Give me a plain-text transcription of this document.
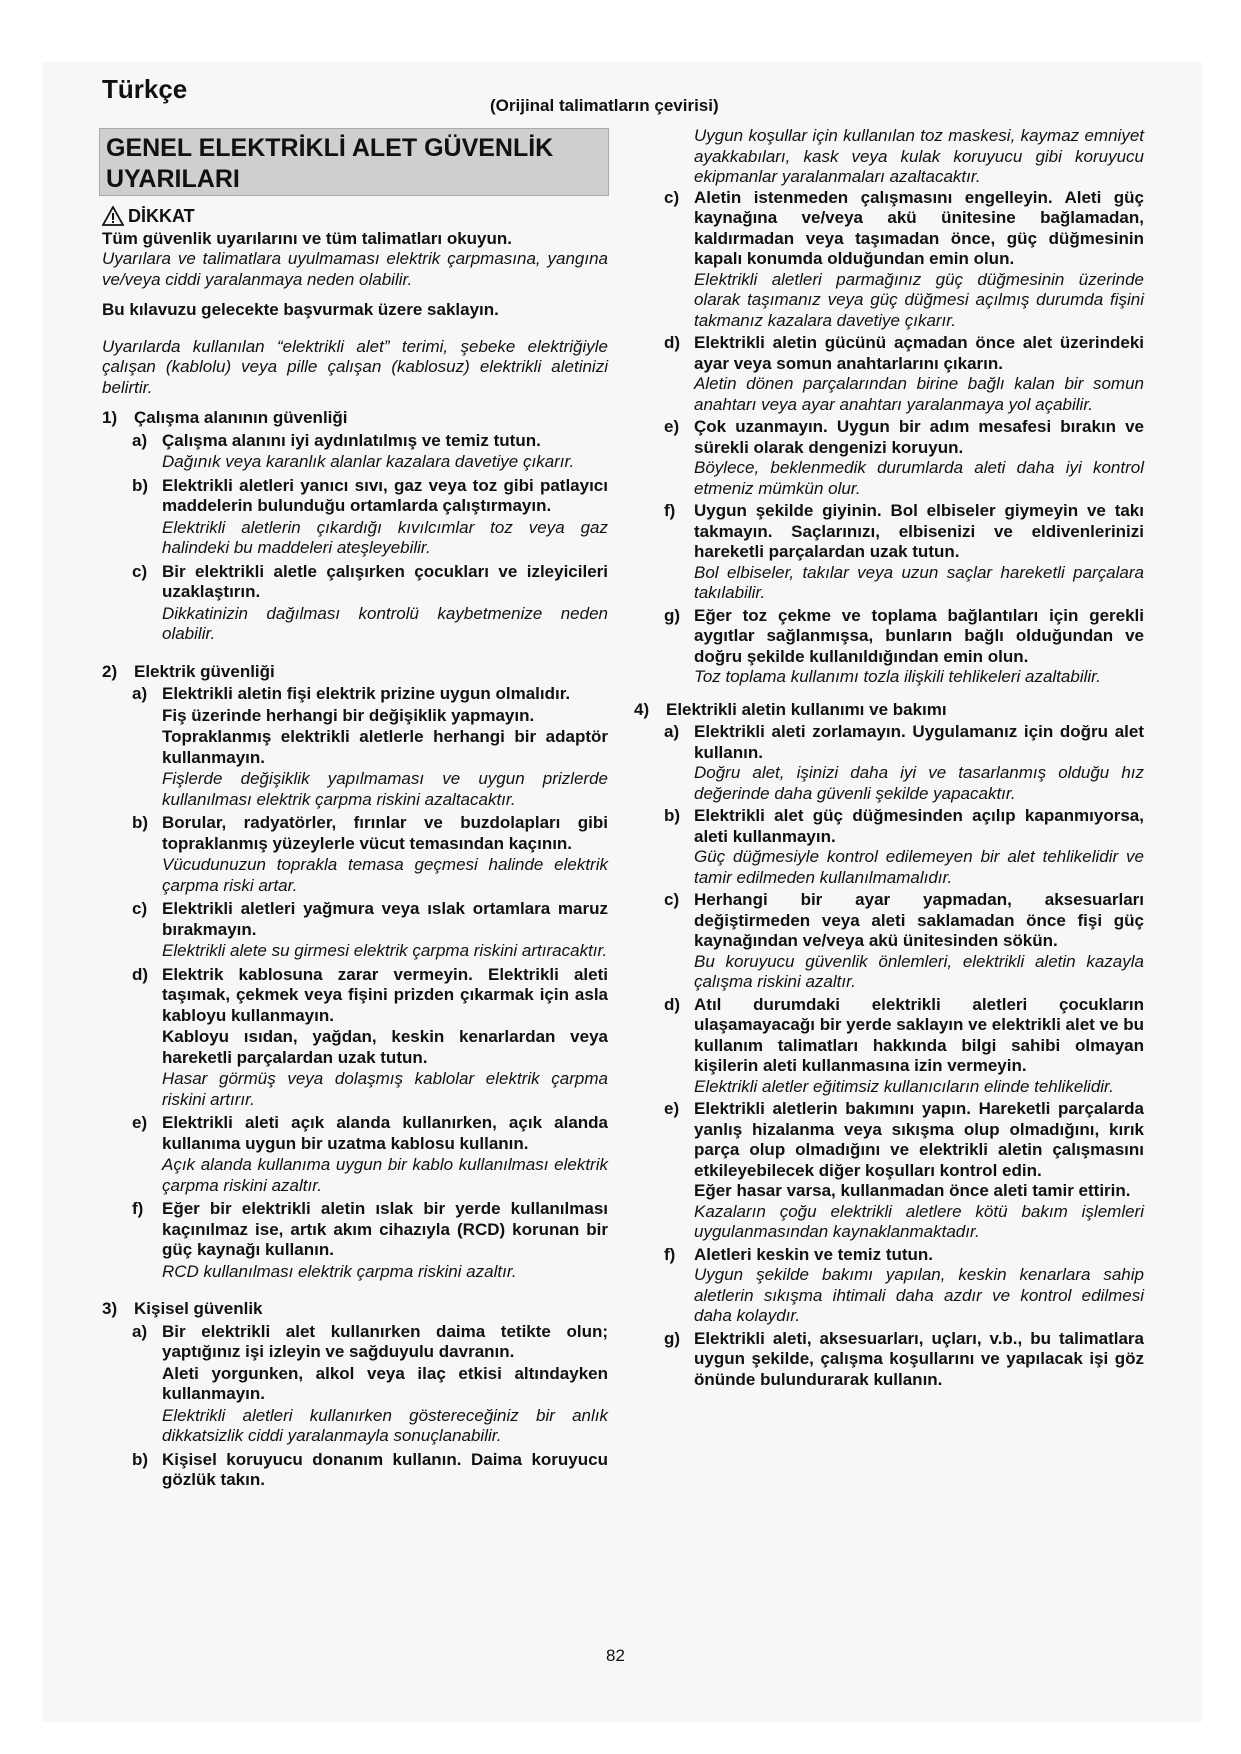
Türkçe
(Orijinal talimatların çevirisi)
GENEL ELEKTRİKLİ ALET GÜVENLİK UYARILARI
DİKKAT
Tüm güvenlik uyarılarını ve tüm talimatları okuyun.
Uyarılara ve talimatlara uyulmaması elektrik çarpmasına, yangına ve/veya ciddi yaralanmaya neden olabilir.
Bu kılavuzu gelecekte başvurmak üzere saklayın.
Uyarılarda kullanılan “elektrikli alet” terimi, şebeke elektriğiyle çalışan (kablolu) veya pille çalışan (kablosuz) elektrikli aletinizi belirtir.
1) Çalışma alanının güvenliği
a) Çalışma alanını iyi aydınlatılmış ve temiz tutun.
Dağınık veya karanlık alanlar kazalara davetiye çıkarır.
b) Elektrikli aletleri yanıcı sıvı, gaz veya toz gibi patlayıcı maddelerin bulunduğu ortamlarda çalıştırmayın.
Elektrikli aletlerin çıkardığı kıvılcımlar toz veya gaz halindeki bu maddeleri ateşleyebilir.
c) Bir elektrikli aletle çalışırken çocukları ve izleyicileri uzaklaştırın.
Dikkatinizin dağılması kontrolü kaybetmenize neden olabilir.
2) Elektrik güvenliği
a) Elektrikli aletin fişi elektrik prizine uygun olmalıdır.
Fiş üzerinde herhangi bir değişiklik yapmayın.
Topraklanmış elektrikli aletlerle herhangi bir adaptör kullanmayın.
Fişlerde değişiklik yapılmaması ve uygun prizlerde kullanılması elektrik çarpma riskini azaltacaktır.
b) Borular, radyatörler, fırınlar ve buzdolapları gibi topraklanmış yüzeylerle vücut temasından kaçının.
Vücudunuzun toprakla temasa geçmesi halinde elektrik çarpma riski artar.
c) Elektrikli aletleri yağmura veya ıslak ortamlara maruz bırakmayın.
Elektrikli alete su girmesi elektrik çarpma riskini artıracaktır.
d) Elektrik kablosuna zarar vermeyin. Elektrikli aleti taşımak, çekmek veya fişini prizden çıkarmak için asla kabloyu kullanmayın.
Kabloyu ısıdan, yağdan, keskin kenarlardan veya hareketli parçalardan uzak tutun.
Hasar görmüş veya dolaşmış kablolar elektrik çarpma riskini artırır.
e) Elektrikli aleti açık alanda kullanırken, açık alanda kullanıma uygun bir uzatma kablosu kullanın.
Açık alanda kullanıma uygun bir kablo kullanılması elektrik çarpma riskini azaltır.
f)	Eğer bir elektrikli aletin ıslak bir yerde kullanılması kaçınılmaz ise, artık akım cihazıyla (RCD) korunan bir güç kaynağı kullanın.
RCD kullanılması elektrik çarpma riskini azaltır.
3) Kişisel güvenlik
a) Bir elektrikli alet kullanırken daima tetikte olun; yaptığınız işi izleyin ve sağduyulu davranın.
Aleti yorgunken, alkol veya ilaç etkisi altındayken kullanmayın.
Elektrikli aletleri kullanırken göstereceğiniz bir anlık dikkatsizlik ciddi yaralanmayla sonuçlanabilir.
b) Kişisel koruyucu donanım kullanın. Daima koruyucu gözlük takın.
Uygun koşullar için kullanılan toz maskesi, kaymaz emniyet ayakkabıları, kask veya kulak koruyucu gibi koruyucu ekipmanlar yaralanmaları azaltacaktır.
c) Aletin istenmeden çalışmasını engelleyin. Aleti güç kaynağına ve/veya akü ünitesine bağlamadan, kaldırmadan veya taşımadan önce, güç düğmesinin kapalı konumda olduğundan emin olun.
Elektrikli aletleri parmağınız güç düğmesinin üzerinde olarak taşımanız veya güç düğmesi açılmış durumda fişini takmanız kazalara davetiye çıkarır.
d) Elektrikli aletin gücünü açmadan önce alet üzerindeki ayar veya somun anahtarlarını çıkarın.
Aletin dönen parçalarından birine bağlı kalan bir somun anahtarı veya ayar anahtarı yaralanmaya yol açabilir.
e) Çok uzanmayın. Uygun bir adım mesafesi bırakın ve sürekli olarak dengenizi koruyun.
Böylece, beklenmedik durumlarda aleti daha iyi kontrol etmeniz mümkün olur.
f)	Uygun şekilde giyinin. Bol elbiseler giymeyin ve takı takmayın. Saçlarınızı, elbisenizi ve eldivenlerinizi hareketli parçalardan uzak tutun.
Bol elbiseler, takılar veya uzun saçlar hareketli parçalara takılabilir.
g) Eğer toz çekme ve toplama bağlantıları için gerekli aygıtlar sağlanmışsa, bunların bağlı olduğundan ve doğru şekilde kullanıldığından emin olun.
Toz toplama kullanımı tozla ilişkili tehlikeleri azaltabilir.
4) Elektrikli aletin kullanımı ve bakımı
a) Elektrikli aleti zorlamayın. Uygulamanız için doğru alet kullanın.
Doğru alet, işinizi daha iyi ve tasarlanmış olduğu hız değerinde daha güvenli şekilde yapacaktır.
b) Elektrikli alet güç düğmesinden açılıp kapanmıyorsa, aleti kullanmayın.
Güç düğmesiyle kontrol edilemeyen bir alet tehlikelidir ve tamir edilmeden kullanılmamalıdır.
c) Herhangi bir ayar yapmadan, aksesuarları değiştirmeden veya aleti saklamadan önce fişi güç kaynağından ve/veya akü ünitesinden sökün.
Bu koruyucu güvenlik önlemleri, elektrikli aletin kazayla çalışma riskini azaltır.
d) Atıl durumdaki elektrikli aletleri çocukların ulaşamayacağı bir yerde saklayın ve elektrikli alet ve bu kullanım talimatları hakkında bilgi sahibi olmayan kişilerin aleti kullanmasına izin vermeyin.
Elektrikli aletler eğitimsiz kullanıcıların elinde tehlikelidir.
e) Elektrikli aletlerin bakımını yapın. Hareketli parçalarda yanlış hizalanma veya sıkışma olup olmadığını, kırık parça olup olmadığını ve elektrikli aletin çalışmasını etkileyebilecek diğer koşulları kontrol edin.
Eğer hasar varsa, kullanmadan önce aleti tamir ettirin.
Kazaların çoğu elektrikli aletlere kötü bakım işlemleri uygulanmasından kaynaklanmaktadır.
f)	Aletleri keskin ve temiz tutun.
Uygun şekilde bakımı yapılan, keskin kenarlara sahip aletlerin sıkışma ihtimali daha azdır ve kontrol edilmesi daha kolaydır.
g) Elektrikli aleti, aksesuarları, uçları, v.b., bu talimatlara uygun şekilde, çalışma koşullarını ve yapılacak işi göz önünde bulundurarak kullanın.
82
